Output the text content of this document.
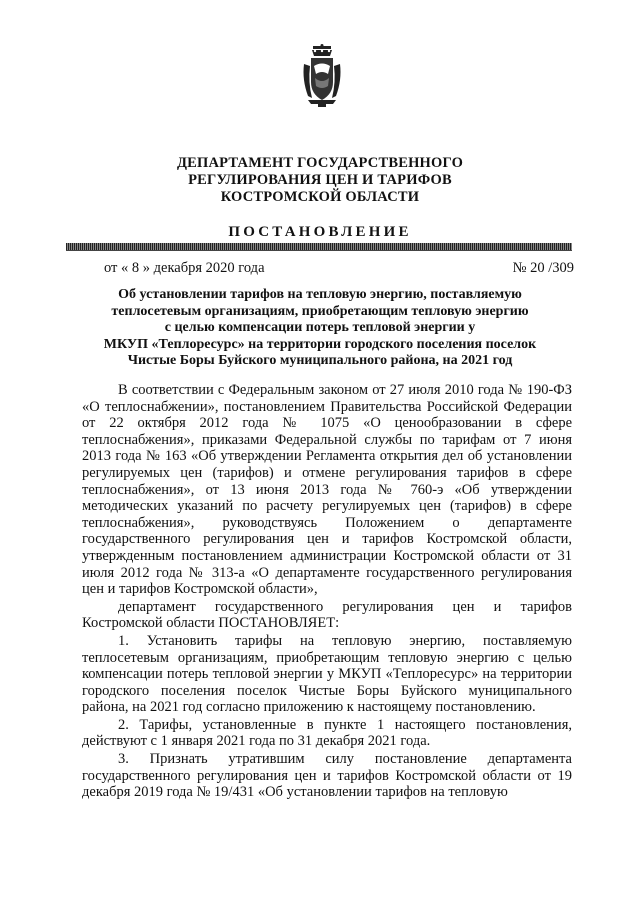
ДЕПАРТАМЕНТ ГОСУДАРСТВЕННОГО
РЕГУЛИРОВАНИЯ ЦЕН И ТАРИФОВ
КОСТРОМСКОЙ ОБЛАСТИ
ПОСТАНОВЛЕНИЕ
от « 8 » декабря 2020 года	№ 20 /309
Об установлении тарифов на тепловую энергию, поставляемую
теплосетевым организациям, приобретающим тепловую энергию
с целью компенсации потерь тепловой энергии у
МКУП «Теплоресурс» на территории городского поселения поселок
Чистые Боры Буйского муниципального района, на 2021 год

В соответствии с Федеральным законом от 27 июля 2010 года № 190-ФЗ «О теплоснабжении», постановлением Правительства Российской Федерации от 22 октября 2012 года № 1075 «О ценообразовании в сфере теплоснабжения», приказами Федеральной службы по тарифам от 7 июня 2013 года № 163 «Об утверждении Регламента открытия дел об установлении регулируемых цен (тарифов) и отмене регулирования тарифов в сфере теплоснабжения», от 13 июня 2013 года № 760-э «Об утверждении методических указаний по расчету регулируемых цен (тарифов) в сфере теплоснабжения», руководствуясь Положением о департаменте государственного регулирования цен и тарифов Костромской области, утвержденным постановлением администрации Костромской области от 31 июля 2012 года № 313-а «О департаменте государственного регулирования цен и тарифов Костромской области»,

департамент государственного регулирования цен и тарифов Костромской области ПОСТАНОВЛЯЕТ:

1. Установить тарифы на тепловую энергию, поставляемую теплосетевым организациям, приобретающим тепловую энергию с целью компенсации потерь тепловой энергии у МКУП «Теплоресурс» на территории городского поселения поселок Чистые Боры Буйского муниципального района, на 2021 год согласно приложению к настоящему постановлению.

2. Тарифы, установленные в пункте 1 настоящего постановления, действуют с 1 января 2021 года по 31 декабря 2021 года.

3. Признать утратившим силу постановление департамента государственного регулирования цен и тарифов Костромской области от 19 декабря 2019 года № 19/431 «Об установлении тарифов на тепловую
